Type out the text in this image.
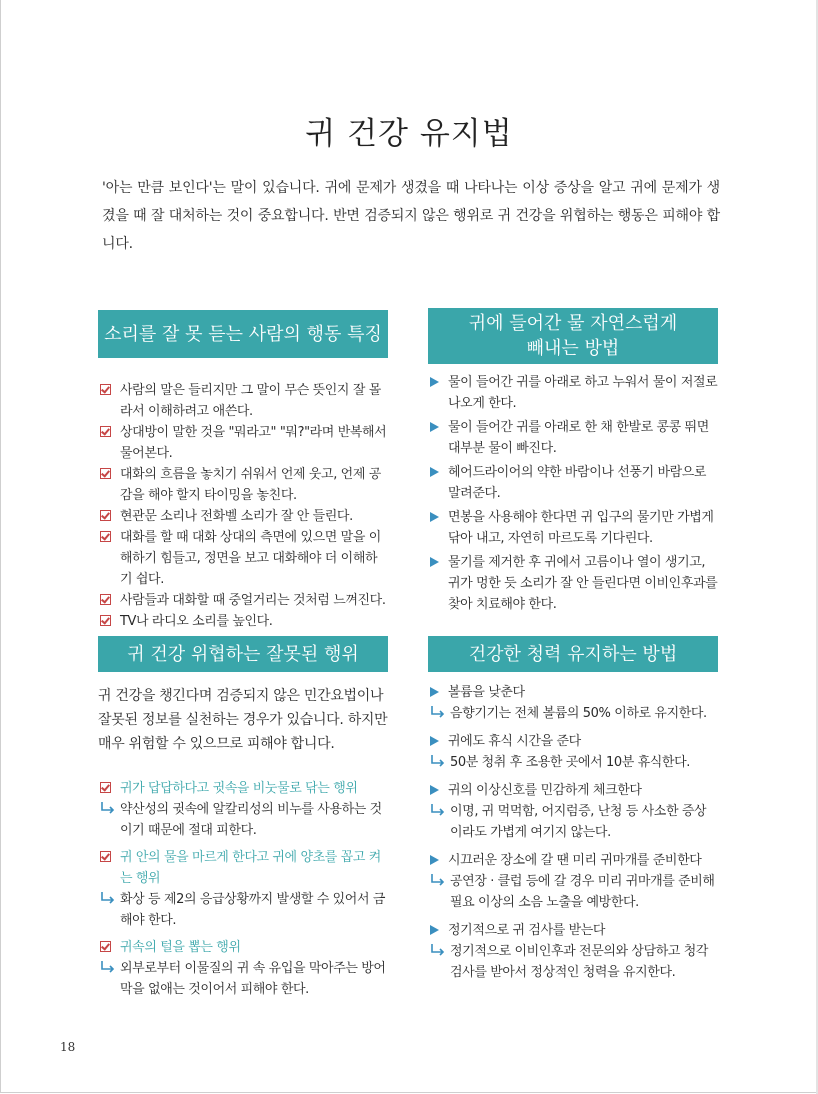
귀 건강 유지법

'아는 만큼 보인다'는 말이 있습니다. 귀에 문제가 생겼을 때 나타나는 이상 증상을 알고 귀에 문제가 생겼을 때 잘 대처하는 것이 중요합니다. 반면 검증되지 않은 행위로 귀 건강을 위협하는 행동은 피해야 합니다.

소리를 잘 못 듣는 사람의 행동 특징
사람의 말은 들리지만 그 말이 무슨 뜻인지 잘 몰라서 이해하려고 애쓴다.
상대방이 말한 것을 "뭐라고" "뭐?"라며 반복해서 물어본다.
대화의 흐름을 놓치기 쉬워서 언제 웃고, 언제 공감을 해야 할지 타이밍을 놓친다.
현관문 소리나 전화벨 소리가 잘 안 들린다.
대화를 할 때 대화 상대의 측면에 있으면 말을 이해하기 힘들고, 정면을 보고 대화해야 더 이해하기 쉽다.
사람들과 대화할 때 중얼거리는 것처럼 느껴진다.
TV나 라디오 소리를 높인다.
귀에 들어간 물 자연스럽게
빼내는 방법
물이 들어간 귀를 아래로 하고 누워서 물이 저절로 나오게 한다.
물이 들어간 귀를 아래로 한 채 한발로 콩콩 뛰면 대부분 물이 빠진다.
헤어드라이어의 약한 바람이나 선풍기 바람으로 말려준다.
면봉을 사용해야 한다면 귀 입구의 물기만 가볍게 닦아 내고, 자연히 마르도록 기다린다.
물기를 제거한 후 귀에서 고름이나 열이 생기고, 귀가 멍한 듯 소리가 잘 안 들린다면 이비인후과를 찾아 치료해야 한다.
귀 건강 위협하는 잘못된 행위
귀 건강을 챙긴다며 검증되지 않은 민간요법이나 잘못된 정보를 실천하는 경우가 있습니다. 하지만 매우 위험할 수 있으므로 피해야 합니다.
귀가 답답하다고 귓속을 비눗물로 닦는 행위
약산성의 귓속에 알칼리성의 비누를 사용하는 것이기 때문에 절대 피한다.
귀 안의 물을 마르게 한다고 귀에 양초를 꼽고 켜는 행위
화상 등 제2의 응급상황까지 발생할 수 있어서 금해야 한다.
귀속의 털을 뽑는 행위
외부로부터 이물질의 귀 속 유입을 막아주는 방어막을 없애는 것이어서 피해야 한다.
건강한 청력 유지하는 방법
볼륨을 낮춘다
음향기기는 전체 볼륨의 50% 이하로 유지한다.
귀에도 휴식 시간을 준다
50분 청취 후 조용한 곳에서 10분 휴식한다.
귀의 이상신호를 민감하게 체크한다
이명, 귀 먹먹함, 어지럼증, 난청 등 사소한 증상이라도 가볍게 여기지 않는다.
시끄러운 장소에 갈 땐 미리 귀마개를 준비한다
공연장 · 클럽 등에 갈 경우 미리 귀마개를 준비해 필요 이상의 소음 노출을 예방한다.
정기적으로 귀 검사를 받는다
정기적으로 이비인후과 전문의와 상담하고 청각검사를 받아서 정상적인 청력을 유지한다.
18
